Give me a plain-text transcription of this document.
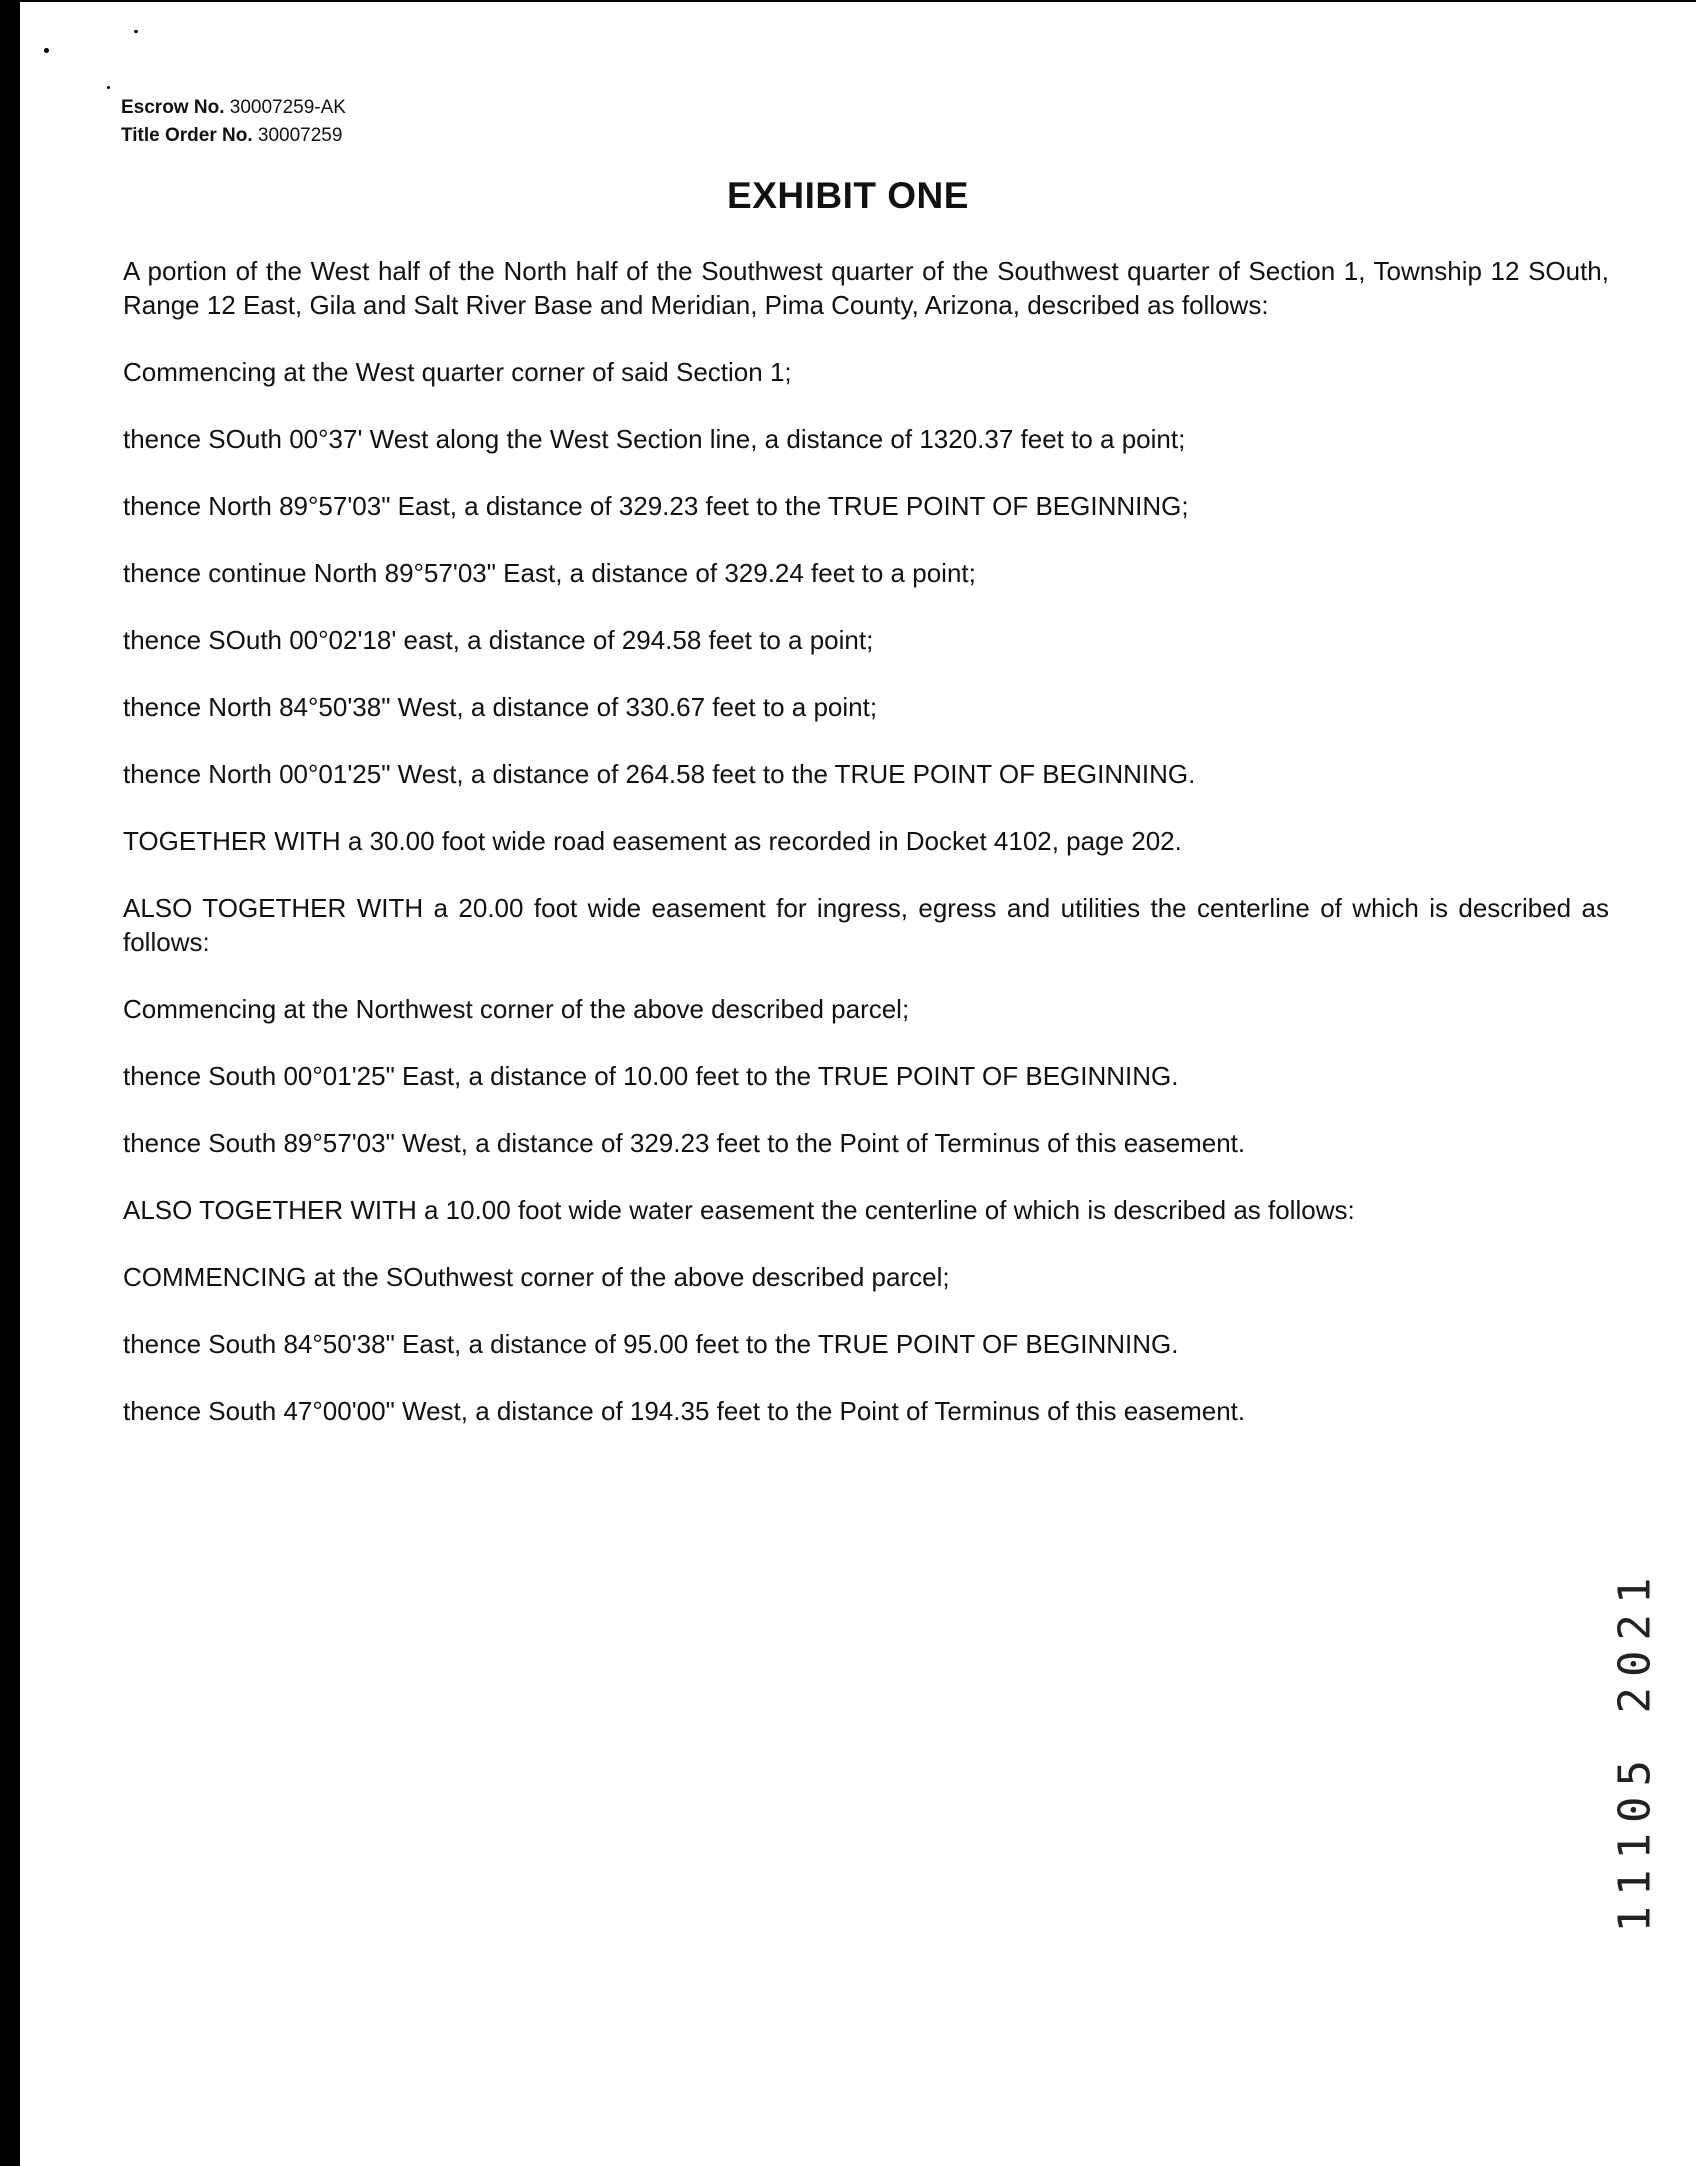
Escrow No. 30007259-AK
Title Order No. 30007259
EXHIBIT ONE

A portion of the West half of the North half of the Southwest quarter of the Southwest quarter of Section 1, Township 12 SOuth, Range 12 East, Gila and Salt River Base and Meridian, Pima County, Arizona, described as follows:

Commencing at the West quarter corner of said Section 1;

thence SOuth 00°37' West along the West Section line, a distance of 1320.37 feet to a point;

thence North 89°57'03" East, a distance of 329.23 feet to the TRUE POINT OF BEGINNING;

thence continue North 89°57'03" East, a distance of 329.24 feet to a point;

thence SOuth 00°02'18' east, a distance of 294.58 feet to a point;

thence North 84°50'38" West, a distance of 330.67 feet to a point;

thence North 00°01'25" West, a distance of 264.58 feet to the TRUE POINT OF BEGINNING.

TOGETHER WITH a 30.00 foot wide road easement as recorded in Docket 4102, page 202.

ALSO TOGETHER WITH a 20.00 foot wide easement for ingress, egress and utilities the centerline of which is described as follows:

Commencing at the Northwest corner of the above described parcel;

thence South 00°01'25" East, a distance of 10.00 feet to the TRUE POINT OF BEGINNING.

thence South 89°57'03" West, a distance of 329.23 feet to the Point of Terminus of this easement.

ALSO TOGETHER WITH a 10.00 foot wide water easement the centerline of which is described as follows:

COMMENCING at the SOuthwest corner of the above described parcel;

thence South 84°50'38" East, a distance of 95.00 feet to the TRUE POINT OF BEGINNING.

thence South 47°00'00" West, a distance of 194.35 feet to the Point of Terminus of this easement.

11105 2021
